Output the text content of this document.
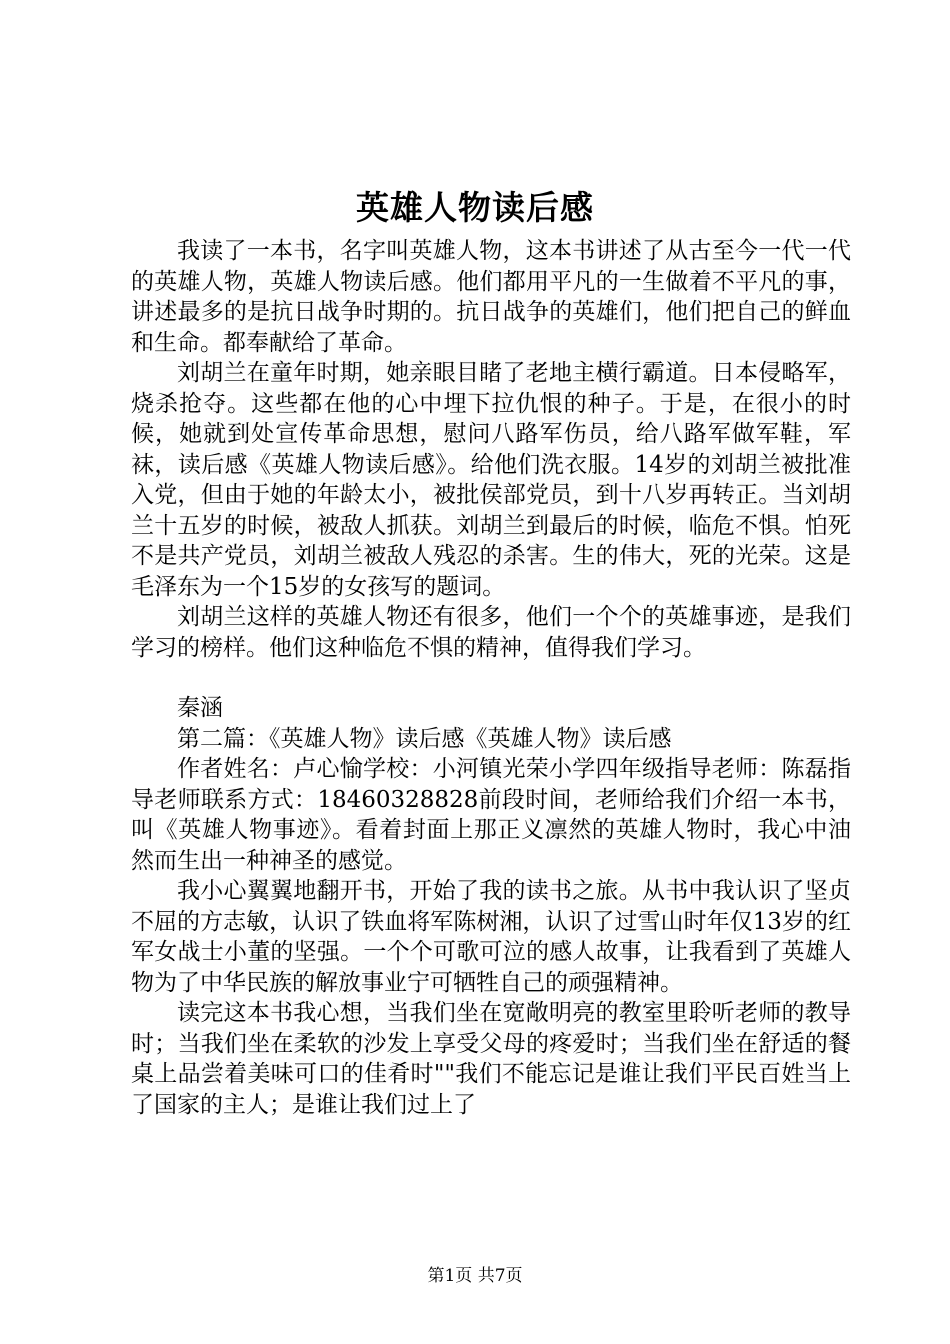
英雄人物读后感

我读了一本书，名字叫英雄人物，这本书讲述了从古至今一代一代的英雄人物，英雄人物读后感。他们都用平凡的一生做着不平凡的事，讲述最多的是抗日战争时期的。抗日战争的英雄们，他们把自己的鲜血和生命。都奉献给了革命。

刘胡兰在童年时期，她亲眼目睹了老地主横行霸道。日本侵略军，烧杀抢夺。这些都在他的心中埋下拉仇恨的种子。于是，在很小的时候，她就到处宣传革命思想，慰问八路军伤员，给八路军做军鞋，军袜，读后感《英雄人物读后感》。给他们洗衣服。14岁的刘胡兰被批准入党，但由于她的年龄太小，被批侯部党员，到十八岁再转正。当刘胡兰十五岁的时候，被敌人抓获。刘胡兰到最后的时候，临危不惧。怕死不是共产党员，刘胡兰被敌人残忍的杀害。生的伟大，死的光荣。这是毛泽东为一个15岁的女孩写的题词。

刘胡兰这样的英雄人物还有很多，他们一个个的英雄事迹，是我们学习的榜样。他们这种临危不惧的精神，值得我们学习。

秦涵

第二篇：《英雄人物》读后感《英雄人物》读后感

作者姓名：卢心愉学校：小河镇光荣小学四年级指导老师：陈磊指导老师联系方式：18460328828前段时间，老师给我们介绍一本书，叫《英雄人物事迹》。看着封面上那正义凛然的英雄人物时，我心中油然而生出一种神圣的感觉。

我小心翼翼地翻开书，开始了我的读书之旅。从书中我认识了坚贞不屈的方志敏，认识了铁血将军陈树湘，认识了过雪山时年仅13岁的红军女战士小董的坚强。一个个可歌可泣的感人故事，让我看到了英雄人物为了中华民族的解放事业宁可牺牲自己的顽强精神。

读完这本书我心想，当我们坐在宽敞明亮的教室里聆听老师的教导时；当我们坐在柔软的沙发上享受父母的疼爱时；当我们坐在舒适的餐桌上品尝着美味可口的佳肴时""我们不能忘记是谁让我们平民百姓当上了国家的主人；是谁让我们过上了

第1页 共7页
